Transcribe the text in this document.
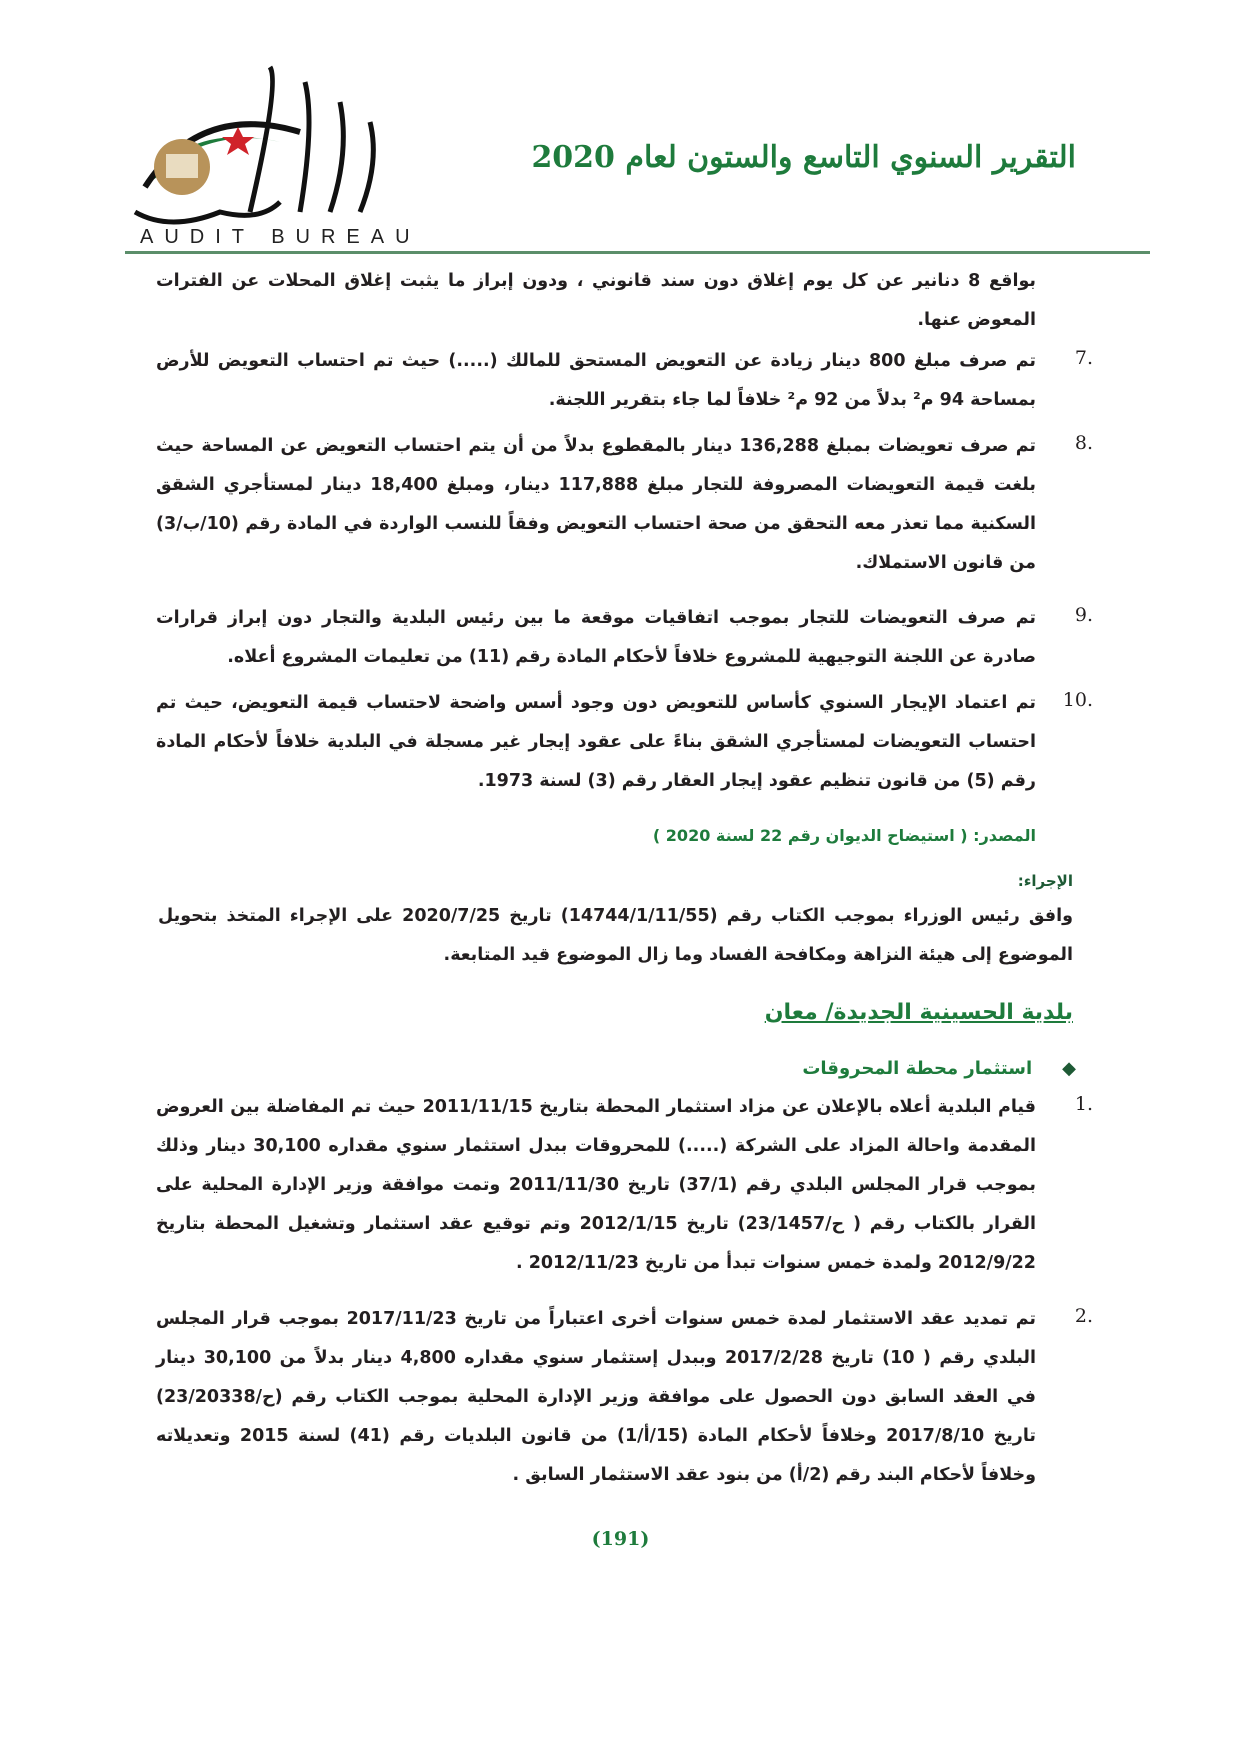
AUDIT BUREAU
التقرير السنوي التاسع والستون لعام 2020
بواقع 8 دنانير عن كل يوم إغلاق دون سند قانوني ، ودون إبراز ما يثبت إغلاق المحلات عن الفترات المعوض عنها.
7.
تم صرف مبلغ 800 دينار زيادة عن التعويض المستحق للمالك (.....) حيث تم احتساب التعويض للأرض بمساحة 94 م² بدلاً من 92 م² خلافاً لما جاء بتقرير اللجنة.
8.
تم صرف تعويضات بمبلغ 136,288 دينار بالمقطوع بدلاً من أن يتم احتساب التعويض عن المساحة حيث بلغت قيمة التعويضات المصروفة للتجار مبلغ 117,888 دينار، ومبلغ 18,400 دينار لمستأجري الشقق السكنية مما تعذر معه التحقق من صحة احتساب التعويض وفقاً للنسب الواردة في المادة رقم (10/ب/3) من قانون الاستملاك.
9.
تم صرف التعويضات للتجار بموجب اتفاقيات موقعة ما بين رئيس البلدية والتجار دون إبراز قرارات صادرة عن اللجنة التوجيهية للمشروع خلافاً لأحكام المادة رقم (11) من تعليمات المشروع أعلاه.
10.
تم اعتماد الإيجار السنوي كأساس للتعويض دون وجود أسس واضحة لاحتساب قيمة التعويض، حيث تم احتساب التعويضات لمستأجري الشقق بناءً على عقود إيجار غير مسجلة في البلدية خلافاً لأحكام المادة رقم (5) من قانون تنظيم عقود إيجار العقار رقم (3) لسنة 1973.
المصدر: ( استيضاح الديوان رقم 22 لسنة 2020 )
الإجراء:
وافق رئيس الوزراء بموجب الكتاب رقم (14744/1/11/55) تاريخ 2020/7/25 على الإجراء المتخذ بتحويل الموضوع إلى هيئة النزاهة ومكافحة الفساد وما زال الموضوع قيد المتابعة.
بلدية الحسينية الجديدة/ معان
◆استثمار محطة المحروقات
1.
قيام البلدية أعلاه بالإعلان عن مزاد استثمار المحطة بتاريخ 2011/11/15 حيث تم المفاضلة بين العروض المقدمة واحالة المزاد على الشركة (.....) للمحروقات ببدل استثمار سنوي مقداره 30,100 دينار وذلك بموجب قرار المجلس البلدي رقم (37/1) تاريخ 2011/11/30 وتمت موافقة وزير الإدارة المحلية على القرار بالكتاب رقم ( ح/23/1457) تاريخ 2012/1/15 وتم توقيع عقد استثمار وتشغيل المحطة بتاريخ 2012/9/22 ولمدة خمس سنوات تبدأ من تاريخ 2012/11/23 .
2.
تم تمديد عقد الاستثمار لمدة خمس سنوات أخرى اعتباراً من تاريخ 2017/11/23 بموجب قرار المجلس البلدي رقم ( 10) تاريخ 2017/2/28 وببدل إستثمار سنوي مقداره 4,800 دينار بدلاً من 30,100 دينار في العقد السابق دون الحصول على موافقة وزير الإدارة المحلية بموجب الكتاب رقم (ح/23/20338) تاريخ 2017/8/10 وخلافاً لأحكام المادة (15/أ/1) من قانون البلديات رقم (41) لسنة 2015 وتعديلاته وخلافاً لأحكام البند رقم (2/أ) من بنود عقد الاستثمار السابق .
(191)
